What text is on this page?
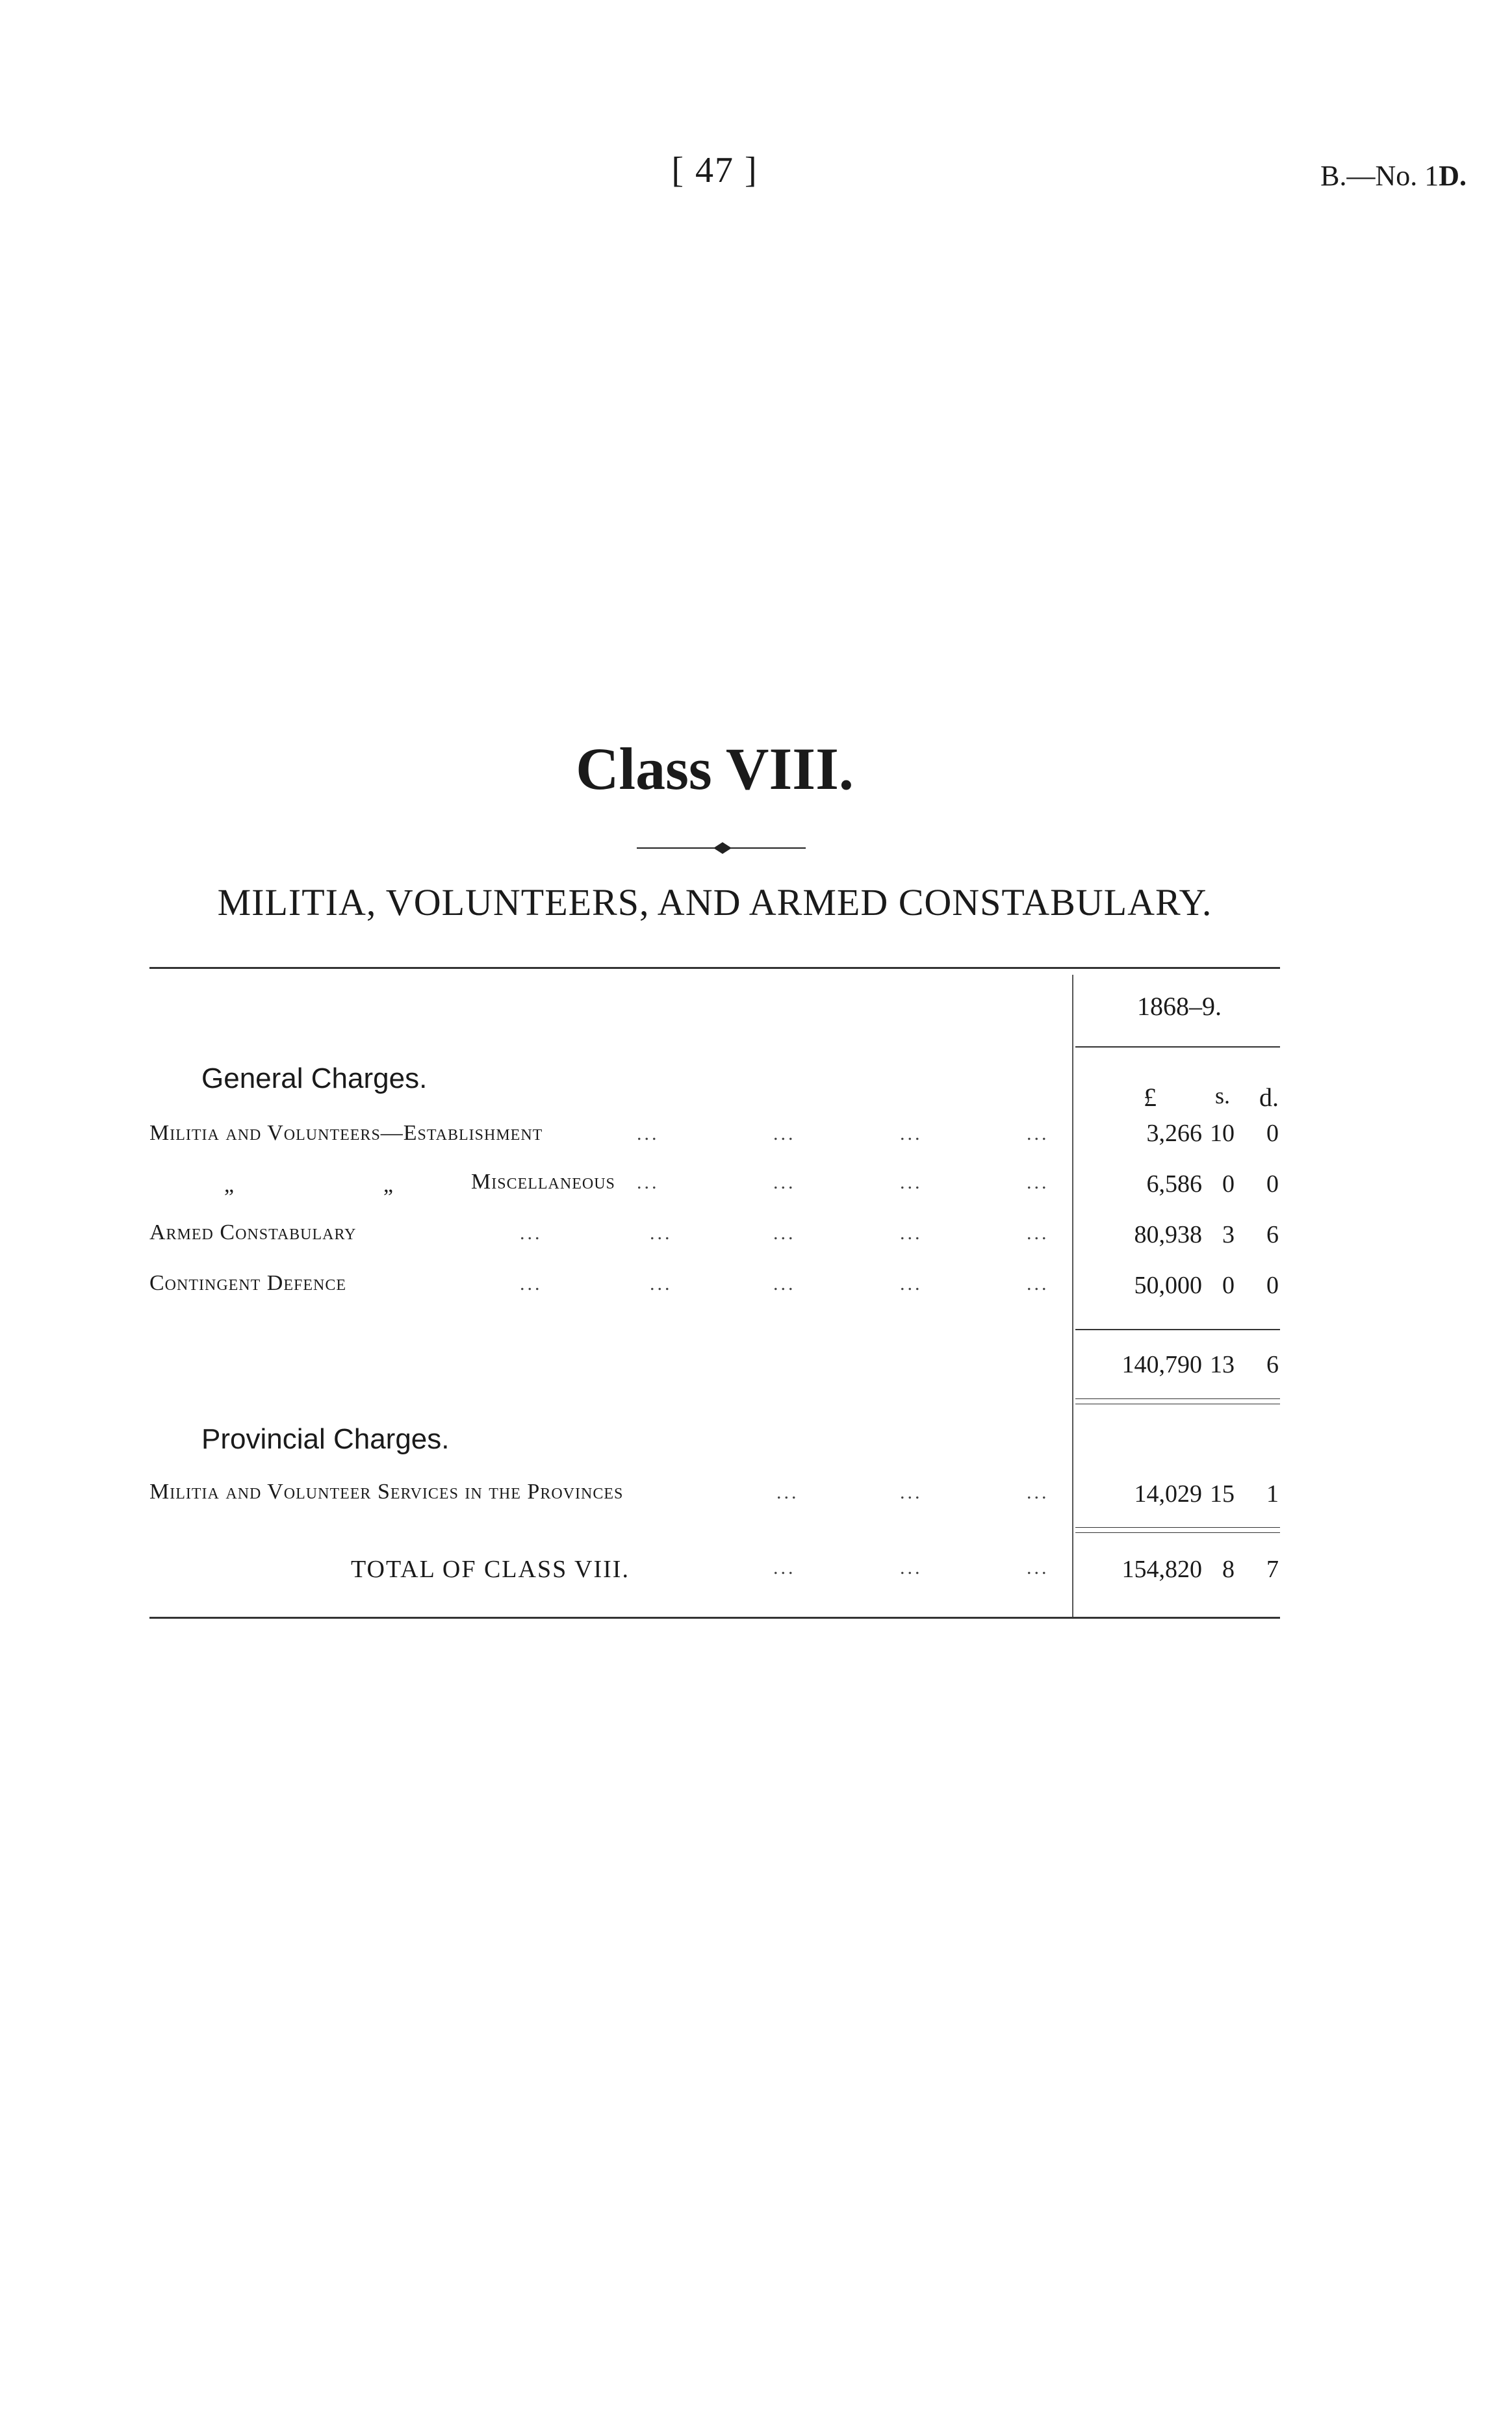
[ 47 ]	B.—No. 1D.
Class VIII.
MILITIA, VOLUNTEERS, AND ARMED CONSTABULARY.
1868–9.
General Charges.
£	s. d.
Militia and Volunteers—Establishment	...	...	...	...	3,266 10	0
„	„	Miscellaneous ...	...	...	...	6,586 0	0
Armed Constabulary	...	...	...	...	...	80,938 3	6
Contingent Defence	...	...	...	...	...	50,000 0	0
140,790 13	6
Provincial Charges.
Militia and Volunteer Services in the Provinces	...	...	...	14,029 15	1
TOTAL OF CLASS VIII.	...	...	...	154,820 8	7
